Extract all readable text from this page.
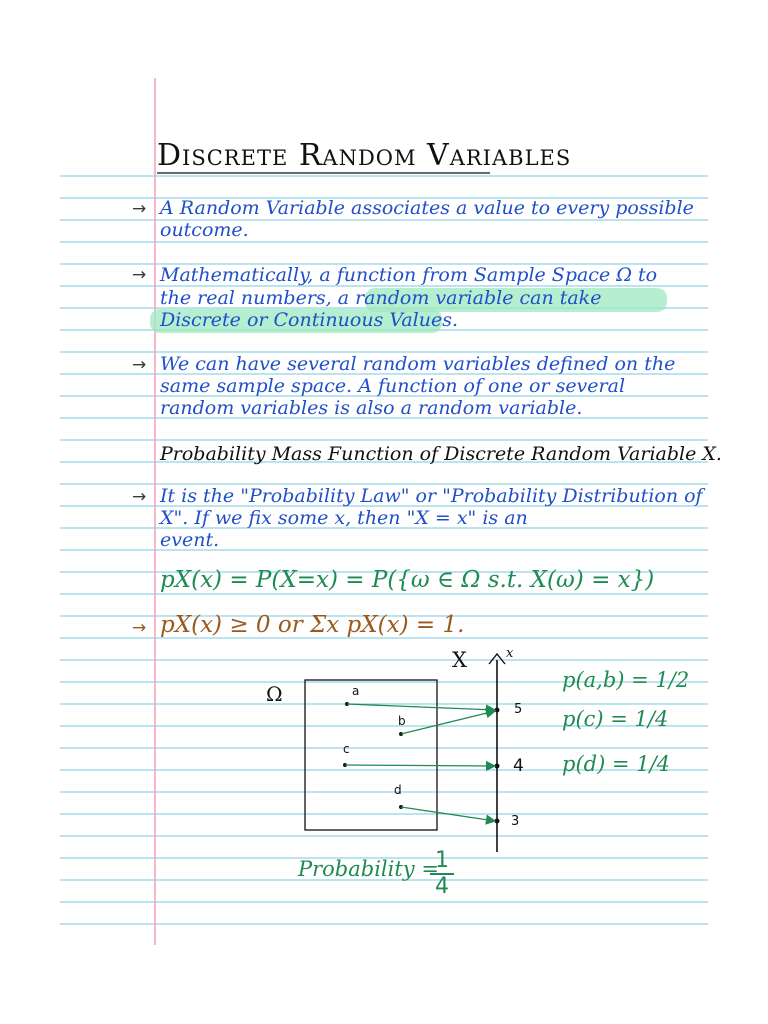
Discrete Random Variables
→ A Random Variable associates a value to every possible
outcome.
→ Mathematically, a function from Sample Space Ω to
the real numbers, a random variable can take
Discrete or Continuous Values.
→ We can have several random variables defined on the
same sample space. A function of one or several
random variables is also a random variable.
Probability Mass Function of Discrete Random Variable X.
→ It is the "Probability Law" or "Probability Distribution of
X". If we fix some x, then "X = x" is an
event.
pX(x) = P(X=x) = P({ω ∈ Ω s.t. X(ω) = x})
→ pX(x) ≥ 0 or Σx pX(x) = 1.
Ω
X	x
a
b
c
d
5
4
3
p(a,b) = 1/2
p(c) = 1/4
p(d) = 1/4
Probability =
1
4
